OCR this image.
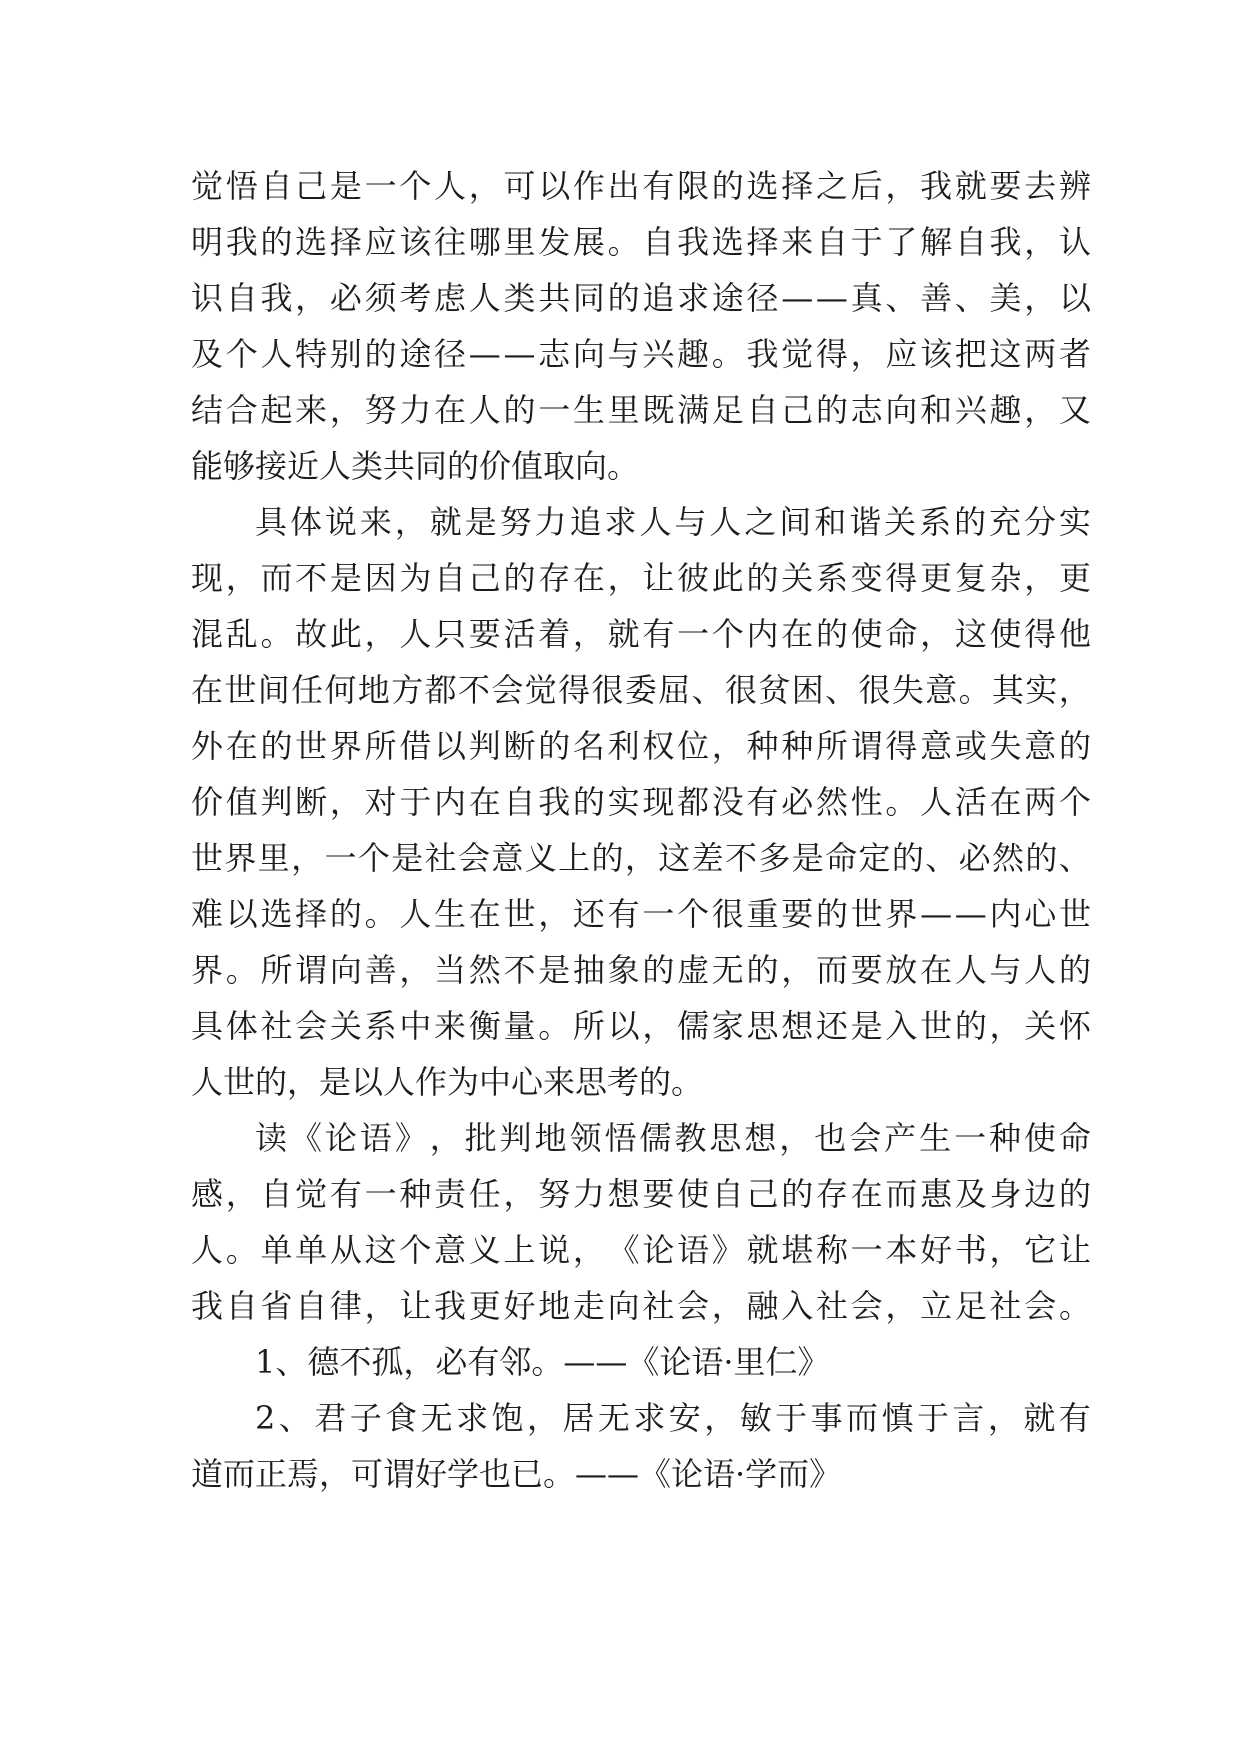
觉 悟 自 己 是 一 个 人 ， 可 以 作 出 有 限 的 选 择 之 后 ， 我 就 要 去 辨
明 我 的 选 择 应 该 往 哪 里 发 展 。 自 我 选 择 来 自 于 了 解 自 我 ， 认
识 自 我 ， 必 须 考 虑 人 类 共 同 的 追 求 途 径 — — 真 、 善 、 美 ， 以
及 个 人 特 别 的 途 径 — — 志 向 与 兴 趣 。 我 觉 得 ， 应 该 把 这 两 者
结 合 起 来 ， 努 力 在 人 的 一 生 里 既 满 足 自 己 的 志 向 和 兴 趣 ， 又
能够接近人类共同的价值取向。
具 体 说 来 ， 就 是 努 力 追 求 人 与 人 之 间 和 谐 关 系 的 充 分 实
现 ， 而 不 是 因 为 自 己 的 存 在 ， 让 彼 此 的 关 系 变 得 更 复 杂 ， 更
混 乱 。 故 此 ， 人 只 要 活 着 ， 就 有 一 个 内 在 的 使 命 ， 这 使 得 他
在 世 间 任 何 地 方 都 不 会 觉 得 很 委 屈 、 很 贫 困 、 很 失 意 。 其 实 ，
外 在 的 世 界 所 借 以 判 断 的 名 利 权 位 ， 种 种 所 谓 得 意 或 失 意 的
价 值 判 断 ， 对 于 内 在 自 我 的 实 现 都 没 有 必 然 性 。 人 活 在 两 个
世 界 里 ， 一 个 是 社 会 意 义 上 的 ， 这 差 不 多 是 命 定 的 、 必 然 的 、
难 以 选 择 的 。 人 生 在 世 ， 还 有 一 个 很 重 要 的 世 界 — — 内 心 世
界 。 所 谓 向 善 ， 当 然 不 是 抽 象 的 虚 无 的 ， 而 要 放 在 人 与 人 的
具 体 社 会 关 系 中 来 衡 量 。 所 以 ， 儒 家 思 想 还 是 入 世 的 ， 关 怀
人世的，是以人作为中心来思考的。
读 《 论 语 》 ， 批 判 地 领 悟 儒 教 思 想 ， 也 会 产 生 一 种 使 命
感 ， 自 觉 有 一 种 责 任 ， 努 力 想 要 使 自 己 的 存 在 而 惠 及 身 边 的
人 。 单 单 从 这 个 意 义 上 说 ， 《 论 语 》 就 堪 称 一 本 好 书 ， 它 让
我 自 省 自 律 ， 让 我 更 好 地 走 向 社 会 ， 融 入 社 会 ， 立 足 社 会 。
1、德不孤，必有邻。——《论语·里仁》
2 、 君 子 食 无 求 饱 ， 居 无 求 安 ， 敏 于 事 而 慎 于 言 ， 就 有
道而正焉，可谓好学也已。——《论语·学而》
